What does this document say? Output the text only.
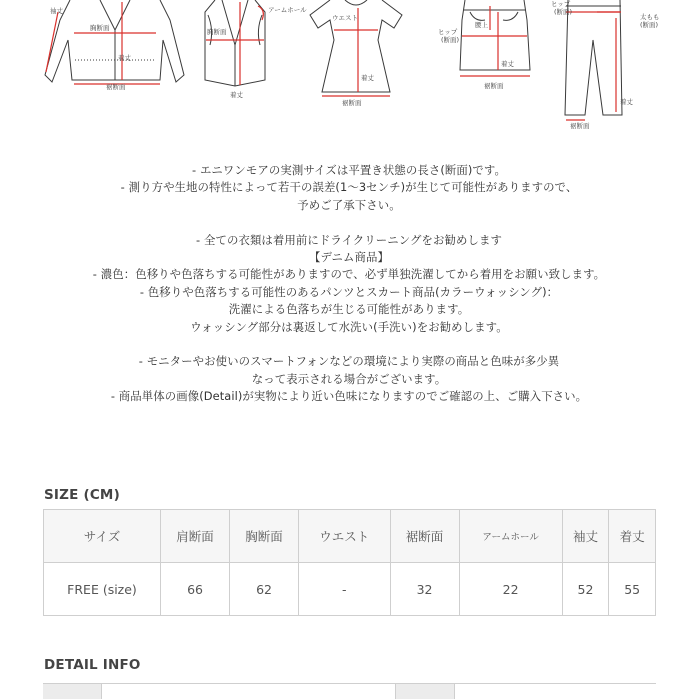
袖丈
胸断面
着丈
裾断面
胸断面
着丈
アームホール
ウエスト
着丈
裾断面
腰上
ヒップ
(断面)
着丈
裾断面
ヒップ
(断面)
太もも
(断面)
着丈
裾断面
- エニワンモアの実測サイズは平置き状態の長さ(断面)です。
- 測り方や生地の特性によって若干の誤差(1〜3センチ)が生じて可能性がありますので、
予めご了承下さい。

- 全ての衣類は着用前にドライクリーニングをお勧めします
【デニム商品】
- 濃色：色移りや色落ちする可能性がありますので、必ず単独洗濯してから着用をお願い致します。
- 色移りや色落ちする可能性のあるパンツとスカート商品(カラーウォッシング)：
洗濯による色落ちが生じる可能性があります。
ウォッシング部分は裏返して水洗い(手洗い)をお勧めします。

- モニターやお使いのスマートフォンなどの環境により実際の商品と色味が多少異
なって表示される場合がございます。
- 商品単体の画像(Detail)が実物により近い色味になりますのでご確認の上、ご購入下さい。
SIZE (CM)
サイズ	肩断面	胸断面	ウエスト	裾断面	アームホール	袖丈	着丈
FREE (size)	66	62	-	32	22	52	55
DETAIL INFO
